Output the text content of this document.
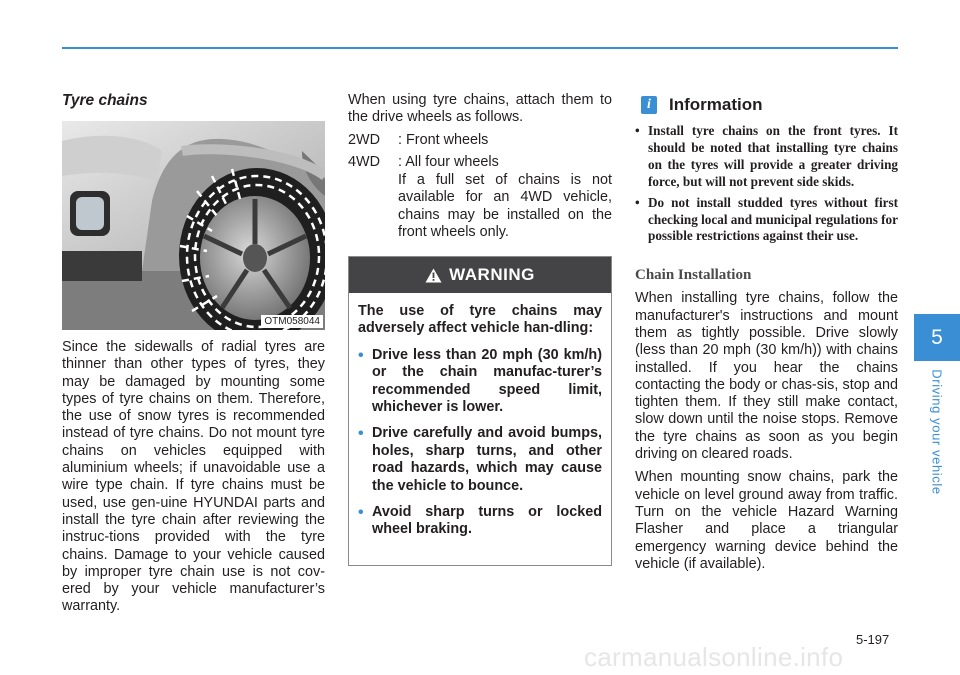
Tyre chains
OTM058044

Since the sidewalls of radial tyres are thinner than other types of tyres, they may be damaged by mounting some types of tyre chains on them. Therefore, the use of snow tyres is recommended instead of tyre chains. Do not mount tyre chains on vehicles equipped with aluminium wheels; if unavoidable use a wire type chain. If tyre chains must be used, use gen-uine HYUNDAI parts and install the tyre chain after reviewing the instruc-tions provided with the tyre chains. Damage to your vehicle caused by improper tyre chain use is not cov-ered by your vehicle manufacturer’s warranty.

When using tyre chains, attach them to the drive wheels as follows.

2WD	: Front wheels
4WD	: All four wheels

If a full set of chains is not available for an 4WD vehicle, chains may be installed on the front wheels only.

WARNING

The use of tyre chains may adversely affect vehicle han-dling:

• Drive less than 20 mph (30 km/h) or the chain manufac-turer’s recommended speed limit, whichever is lower.
• Drive carefully and avoid bumps, holes, sharp turns, and other road hazards, which may cause the vehicle to bounce.
• Avoid sharp turns or locked wheel braking.
i	Information
• Install tyre chains on the front tyres. It should be noted that installing tyre chains on the tyres will provide a greater driving force, but will not prevent side skids.
• Do not install studded tyres without first checking local and municipal regulations for possible restrictions against their use.
Chain Installation

When installing tyre chains, follow the manufacturer's instructions and mount them as tightly possible. Drive slowly (less than 20 mph (30 km/h)) with chains installed. If you hear the chains contacting the body or chas-sis, stop and tighten them. If they still make contact, slow down until the noise stops. Remove the tyre chains as soon as you begin driving on cleared roads.

When mounting snow chains, park the vehicle on level ground away from traffic. Turn on the vehicle Hazard Warning Flasher and place a triangular emergency warning device behind the vehicle (if available).

5
Driving your vehicle
5-197
carmanualsonline.info
